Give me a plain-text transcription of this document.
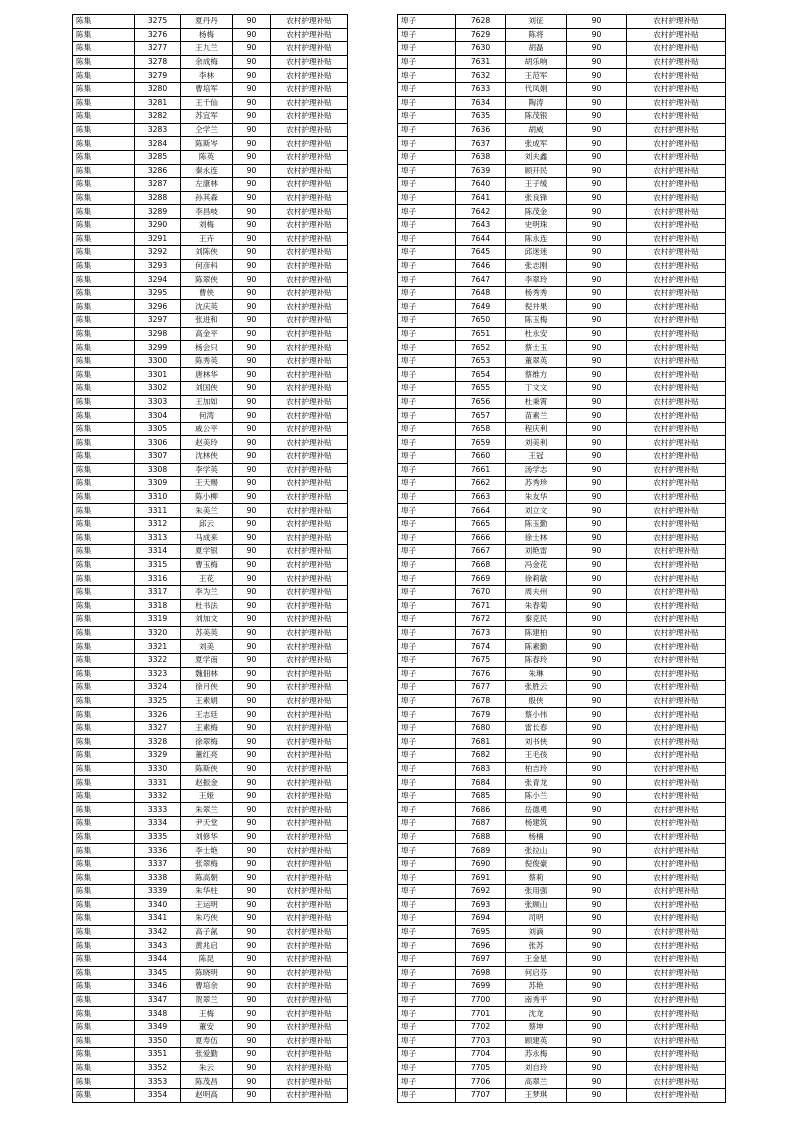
陈集	3275	夏丹丹	90	农村护理补贴
陈集	3276	杨梅	90	农村护理补贴
陈集	3277	王九兰	90	农村护理补贴
陈集	3278	余成梅	90	农村护理补贴
陈集	3279	李林	90	农村护理补贴
陈集	3280	曹培军	90	农村护理补贴
陈集	3281	王千仙	90	农村护理补贴
陈集	3282	苏宜军	90	农村护理补贴
陈集	3283	仝学兰	90	农村护理补贴
陈集	3284	陈斯岑	90	农村护理补贴
陈集	3285	陈英	90	农村护理补贴
陈集	3286	秦永连	90	农村护理补贴
陈集	3287	左康林	90	农村护理补贴
陈集	3288	孙其森	90	农村护理补贴
陈集	3289	李昌岐	90	农村护理补贴
陈集	3290	刘梅	90	农村护理补贴
陈集	3291	王卉	90	农村护理补贴
陈集	3292	刘陈侠	90	农村护理补贴
陈集	3293	何彦科	90	农村护理补贴
陈集	3294	陈翠侠	90	农村护理补贴
陈集	3295	曹侠	90	农村护理补贴
陈集	3296	沈庆英	90	农村护理补贴
陈集	3297	张进和	90	农村护理补贴
陈集	3298	高金平	90	农村护理补贴
陈集	3299	杨会只	90	农村护理补贴
陈集	3300	陈秀英	90	农村护理补贴
陈集	3301	唐林华	90	农村护理补贴
陈集	3302	刘国侠	90	农村护理补贴
陈集	3303	王加如	90	农村护理补贴
陈集	3304	何湾	90	农村护理补贴
陈集	3305	戚公平	90	农村护理补贴
陈集	3306	赵美玲	90	农村护理补贴
陈集	3307	沈林侠	90	农村护理补贴
陈集	3308	李学英	90	农村护理补贴
陈集	3309	王天赐	90	农村护理补贴
陈集	3310	陈小柳	90	农村护理补贴
陈集	3311	朱美兰	90	农村护理补贴
陈集	3312	邱云	90	农村护理补贴
陈集	3313	马成来	90	农村护理补贴
陈集	3314	夏学银	90	农村护理补贴
陈集	3315	曹玉梅	90	农村护理补贴
陈集	3316	王花	90	农村护理补贴
陈集	3317	李为兰	90	农村护理补贴
陈集	3318	杜书法	90	农村护理补贴
陈集	3319	刘加文	90	农村护理补贴
陈集	3320	苏美英	90	农村护理补贴
陈集	3321	刘美	90	农村护理补贴
陈集	3322	夏学南	90	农村护理补贴
陈集	3323	魏佃林	90	农村护理补贴
陈集	3324	徐月侠	90	农村护理补贴
陈集	3325	王素娟	90	农村护理补贴
陈集	3326	王志廷	90	农村护理补贴
陈集	3327	王素梅	90	农村护理补贴
陈集	3328	徐翠梅	90	农村护理补贴
陈集	3329	董红亮	90	农村护理补贴
陈集	3330	陈斯侠	90	农村护理补贴
陈集	3331	赵振金	90	农村护理补贴
陈集	3332	王娅	90	农村护理补贴
陈集	3333	朱翠兰	90	农村护理补贴
陈集	3334	尹天堂	90	农村护理补贴
陈集	3335	刘修华	90	农村护理补贴
陈集	3336	李士艳	90	农村护理补贴
陈集	3337	张翠梅	90	农村护理补贴
陈集	3338	陈高朝	90	农村护理补贴
陈集	3339	朱华柱	90	农村护理补贴
陈集	3340	王运明	90	农村护理补贴
陈集	3341	朱巧侠	90	农村护理补贴
陈集	3342	高子氤	90	农村护理补贴
陈集	3343	黄兆启	90	农村护理补贴
陈集	3344	陈昆	90	农村护理补贴
陈集	3345	陈晓明	90	农村护理补贴
陈集	3346	曹培余	90	农村护理补贴
陈集	3347	贺翠兰	90	农村护理补贴
陈集	3348	王梅	90	农村护理补贴
陈集	3349	董安	90	农村护理补贴
陈集	3350	夏寿伍	90	农村护理补贴
陈集	3351	张爱勤	90	农村护理补贴
陈集	3352	朱云	90	农村护理补贴
陈集	3353	陈茂昌	90	农村护理补贴
陈集	3354	赵明高	90	农村护理补贴
埠子	7628	刘征	90	农村护理补贴
埠子	7629	陈将	90	农村护理补贴
埠子	7630	胡磊	90	农村护理补贴
埠子	7631	胡乐响	90	农村护理补贴
埠子	7632	王范军	90	农村护理补贴
埠子	7633	代凤娟	90	农村护理补贴
埠子	7634	陶涛	90	农村护理补贴
埠子	7635	陈茂银	90	农村护理补贴
埠子	7636	胡威	90	农村护理补贴
埠子	7637	张成军	90	农村护理补贴
埠子	7638	刘夫鑫	90	农村护理补贴
埠子	7639	顾开民	90	农村护理补贴
埠子	7640	王子缓	90	农村护理补贴
埠子	7641	张良锋	90	农村护理补贴
埠子	7642	陈茂金	90	农村护理补贴
埠子	7643	史明珠	90	农村护理补贴
埠子	7644	陈永连	90	农村护理补贴
埠子	7645	邱迷迷	90	农村护理补贴
埠子	7646	张志刚	90	农村护理补贴
埠子	7647	李翠玲	90	农村护理补贴
埠子	7648	杨秀秀	90	农村护理补贴
埠子	7649	倪井果	90	农村护理补贴
埠子	7650	陈玉梅	90	农村护理补贴
埠子	7651	杜永安	90	农村护理补贴
埠子	7652	蔡士玉	90	农村护理补贴
埠子	7653	董翠英	90	农村护理补贴
埠子	7654	蔡维方	90	农村护理补贴
埠子	7655	丁文文	90	农村护理补贴
埠子	7656	杜秉霄	90	农村护理补贴
埠子	7657	苗素兰	90	农村护理补贴
埠子	7658	程庆利	90	农村护理补贴
埠子	7659	刘美利	90	农村护理补贴
埠子	7660	王冠	90	农村护理补贴
埠子	7661	汤学志	90	农村护理补贴
埠子	7662	苏秀珍	90	农村护理补贴
埠子	7663	朱友华	90	农村护理补贴
埠子	7664	刘立文	90	农村护理补贴
埠子	7665	陈玉勤	90	农村护理补贴
埠子	7666	徐士林	90	农村护理补贴
埠子	7667	刘艳雷	90	农村护理补贴
埠子	7668	冯金花	90	农村护理补贴
埠子	7669	徐莉敏	90	农村护理补贴
埠子	7670	周夫州	90	农村护理补贴
埠子	7671	朱春菊	90	农村护理补贴
埠子	7672	秦克民	90	农村护理补贴
埠子	7673	陈建柏	90	农村护理补贴
埠子	7674	陈素勤	90	农村护理补贴
埠子	7675	陈春玲	90	农村护理补贴
埠子	7676	朱琳	90	农村护理补贴
埠子	7677	张胜云	90	农村护理补贴
埠子	7678	殷侠	90	农村护理补贴
埠子	7679	蔡小伟	90	农村护理补贴
埠子	7680	雷长春	90	农村护理补贴
埠子	7681	刘书侠	90	农村护理补贴
埠子	7682	王毛孩	90	农村护理补贴
埠子	7683	柏吉玲	90	农村护理补贴
埠子	7684	张青龙	90	农村护理补贴
埠子	7685	陈小兰	90	农村护理补贴
埠子	7686	岳德勇	90	农村护理补贴
埠子	7687	杨建筑	90	农村护理补贴
埠子	7688	杨楠	90	农村护理补贴
埠子	7689	张拉山	90	农村护理补贴
埠子	7690	倪俊豪	90	农村护理补贴
埠子	7691	蔡莉	90	农村护理补贴
埠子	7692	张用强	90	农村护理补贴
埠子	7693	张顾山	90	农村护理补贴
埠子	7694	司明	90	农村护理补贴
埠子	7695	刘滴	90	农村护理补贴
埠子	7696	张苏	90	农村护理补贴
埠子	7697	王金星	90	农村护理补贴
埠子	7698	何启芬	90	农村护理补贴
埠子	7699	苏艳	90	农村护理补贴
埠子	7700	南秀平	90	农村护理补贴
埠子	7701	沈龙	90	农村护理补贴
埠子	7702	蔡坤	90	农村护理补贴
埠子	7703	顾建英	90	农村护理补贴
埠子	7704	苏永梅	90	农村护理补贴
埠子	7705	刘自玲	90	农村护理补贴
埠子	7706	高翠兰	90	农村护理补贴
埠子	7707	王梦琪	90	农村护理补贴
